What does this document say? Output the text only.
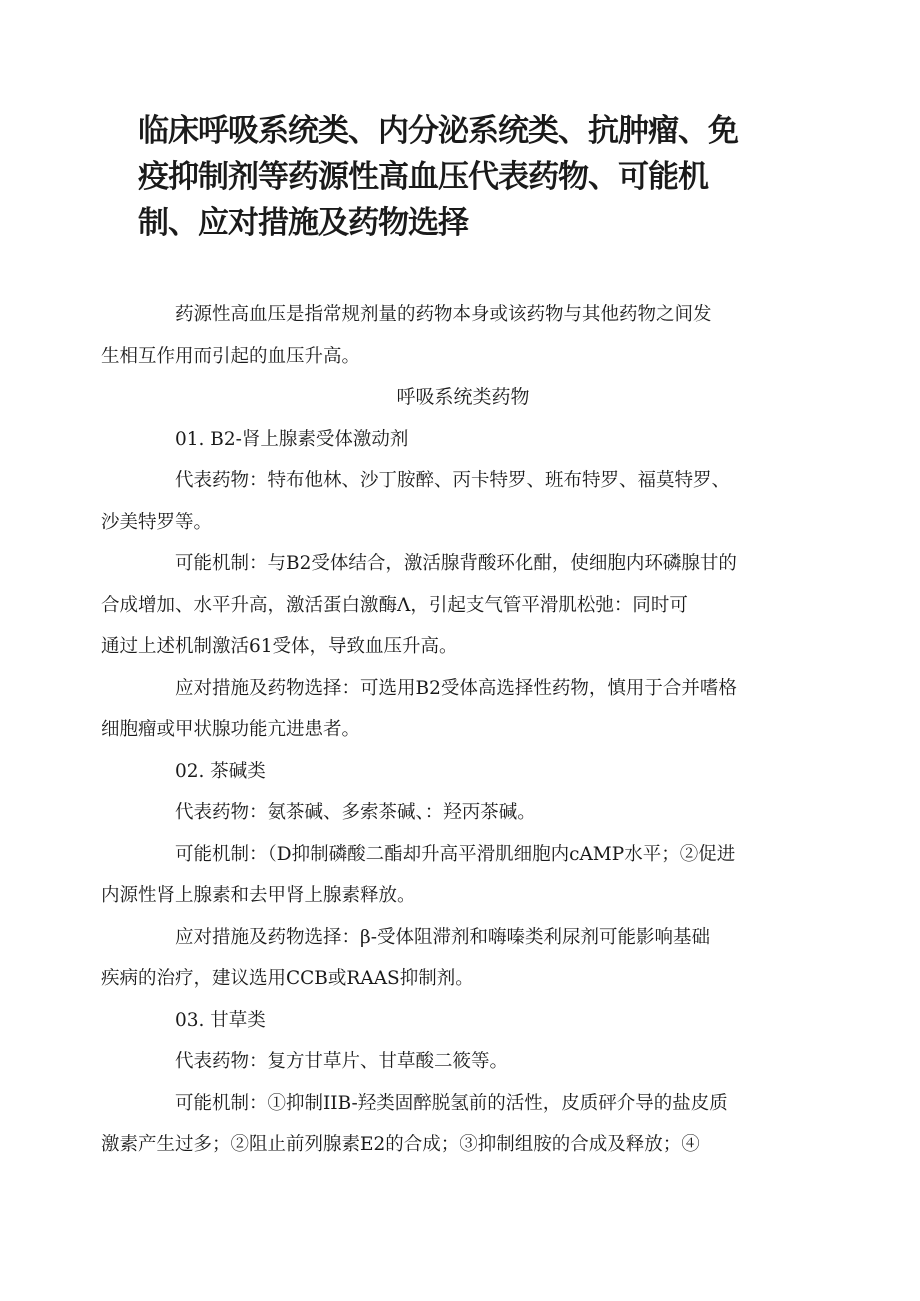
临床呼吸系统类、内分泌系统类、抗肿瘤、免
疫抑制剂等药源性高血压代表药物、可能机
制、应对措施及药物选择

药源性高血压是指常规剂量的药物本身或该药物与其他药物之间发
生相互作用而引起的血压升高。

呼吸系统类药物

01. B2-肾上腺素受体激动剂

代表药物：特布他林、沙丁胺醉、丙卡特罗、班布特罗、福莫特罗、
沙美特罗等。

可能机制：与B2受体结合，激活腺背酸环化酣，使细胞内环磷腺甘的
合成增加、水平升高，激活蛋白激酶Λ，引起支气管平滑肌松弛：同时可
通过上述机制激活61受体，导致血压升高。

应对措施及药物选择：可选用B2受体高选择性药物，慎用于合并嗜格
细胞瘤或甲状腺功能亢进患者。

02. 茶碱类

代表药物：氨茶碱、多索茶碱、：羟丙茶碱。

可能机制：（D抑制磷酸二酯却升高平滑肌细胞内cAMP水平；②促进
内源性肾上腺素和去甲肾上腺素释放。

应对措施及药物选择：β-受体阻滞剂和嗨嗪类利尿剂可能影响基础
疾病的治疗，建议选用CCB或RAAS抑制剂。

03. 甘草类

代表药物：复方甘草片、甘草酸二筱等。

可能机制：①抑制IIB-羟类固醉脱氢前的活性，皮质砰介导的盐皮质
激素产生过多；②阻止前列腺素E2的合成；③抑制组胺的合成及释放；④
